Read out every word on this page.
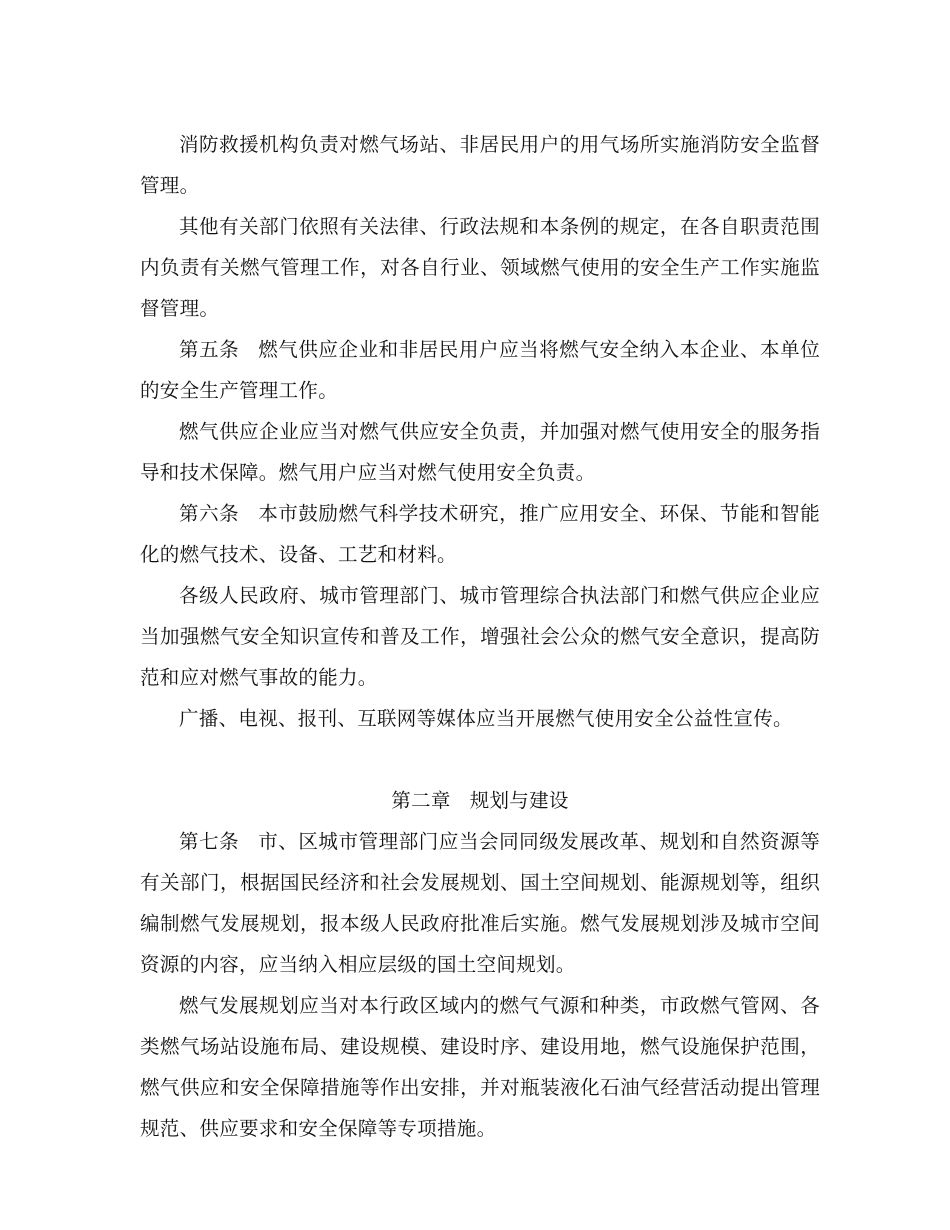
消防救援机构负责对燃气场站、非居民用户的用气场所实施消防安全监督管理。

其他有关部门依照有关法律、行政法规和本条例的规定，在各自职责范围内负责有关燃气管理工作，对各自行业、领域燃气使用的安全生产工作实施监督管理。

第五条 燃气供应企业和非居民用户应当将燃气安全纳入本企业、本单位的安全生产管理工作。

燃气供应企业应当对燃气供应安全负责，并加强对燃气使用安全的服务指导和技术保障。燃气用户应当对燃气使用安全负责。

第六条 本市鼓励燃气科学技术研究，推广应用安全、环保、节能和智能化的燃气技术、设备、工艺和材料。

各级人民政府、城市管理部门、城市管理综合执法部门和燃气供应企业应当加强燃气安全知识宣传和普及工作，增强社会公众的燃气安全意识，提高防范和应对燃气事故的能力。

广播、电视、报刊、互联网等媒体应当开展燃气使用安全公益性宣传。

第二章 规划与建设

第七条 市、区城市管理部门应当会同同级发展改革、规划和自然资源等有关部门，根据国民经济和社会发展规划、国土空间规划、能源规划等，组织编制燃气发展规划，报本级人民政府批准后实施。燃气发展规划涉及城市空间资源的内容，应当纳入相应层级的国土空间规划。

燃气发展规划应当对本行政区域内的燃气气源和种类，市政燃气管网、各类燃气场站设施布局、建设规模、建设时序、建设用地，燃气设施保护范围，燃气供应和安全保障措施等作出安排，并对瓶装液化石油气经营活动提出管理规范、供应要求和安全保障等专项措施。
